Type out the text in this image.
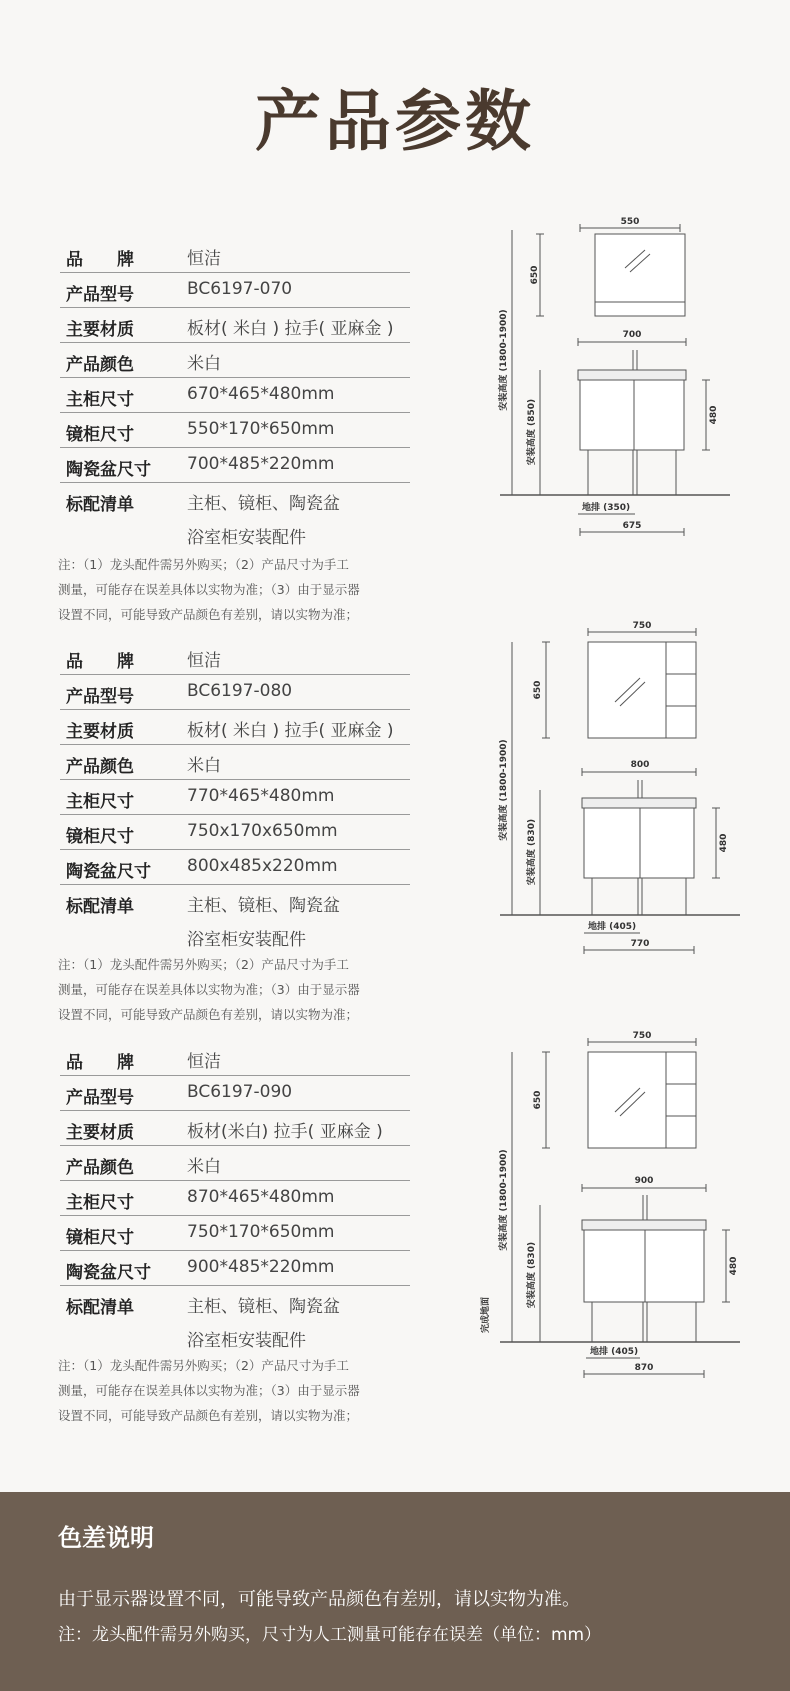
产品参数
品　　牌	恒洁
产品型号	BC6197-070
主要材质	板材( 米白 ) 拉手( 亚麻金 )
产品颜色	米白
主柜尺寸	670*465*480mm
镜柜尺寸	550*170*650mm
陶瓷盆尺寸 700*485*220mm
标配清单	主柜、镜柜、陶瓷盆
浴室柜安装配件
注：（1）龙头配件需另外购买；（2）产品尺寸为手工
测量，可能存在误差具体以实物为准；（3）由于显示器
设置不同，可能导致产品颜色有差别，请以实物为准；
品　　牌	恒洁
产品型号	BC6197-080
主要材质	板材( 米白 ) 拉手( 亚麻金 )
产品颜色	米白
主柜尺寸	770*465*480mm
镜柜尺寸	750x170x650mm
陶瓷盆尺寸 800x485x220mm
标配清单	主柜、镜柜、陶瓷盆
浴室柜安装配件
注：（1）龙头配件需另外购买；（2）产品尺寸为手工
测量，可能存在误差具体以实物为准；（3）由于显示器
设置不同，可能导致产品颜色有差别，请以实物为准；
品　　牌	恒洁
产品型号	BC6197-090
主要材质	板材(米白) 拉手( 亚麻金 )
产品颜色	米白
主柜尺寸	870*465*480mm
镜柜尺寸	750*170*650mm
陶瓷盆尺寸 900*485*220mm
标配清单	主柜、镜柜、陶瓷盆
浴室柜安装配件
注：（1）龙头配件需另外购买；（2）产品尺寸为手工
测量，可能存在误差具体以实物为准；（3）由于显示器
设置不同，可能导致产品颜色有差别，请以实物为准；
550
650
安装高度 (1800-1900)	700
安装高度 (850)	480
地排 (350)
675
750
650
安装高度 (1800-1900)	800
安装高度 (830)	480
地排 (405)
770
750
650
安装高度 (1800-1900)	900
安装高度 (830)	480
完成地面
地排 (405)
870
色差说明
由于显示器设置不同，可能导致产品颜色有差别，请以实物为准。
注：龙头配件需另外购买，尺寸为人工测量可能存在误差（单位：mm）
